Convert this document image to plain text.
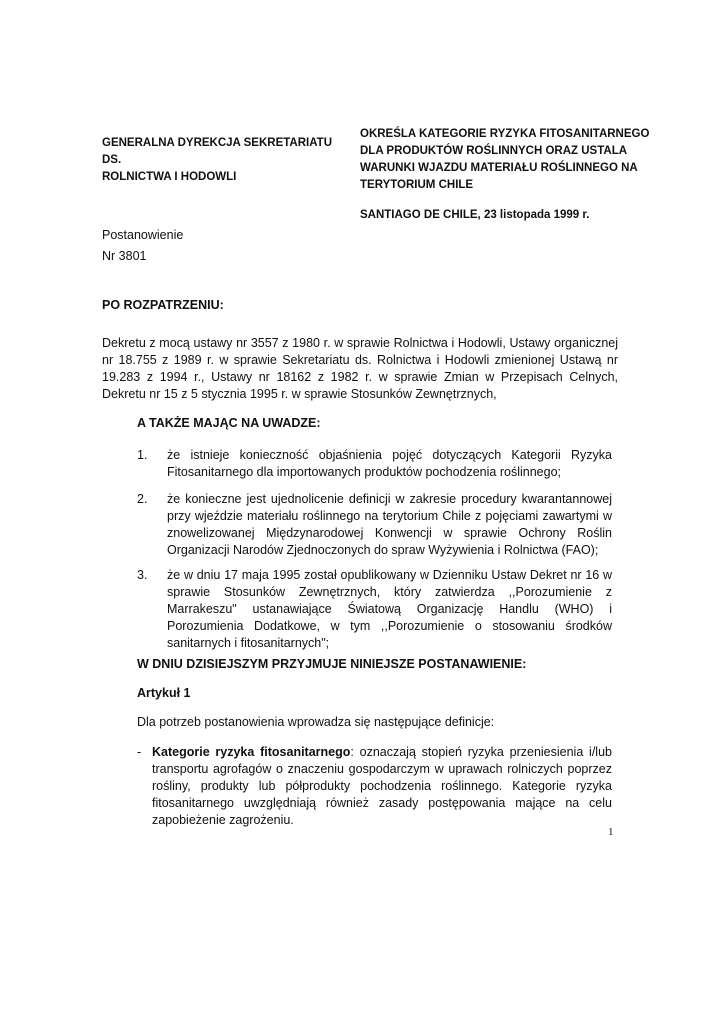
GENERALNA DYREKCJA SEKRETARIATU DS.
ROLNICTWA I HODOWLI
OKREŚLA KATEGORIE RYZYKA FITOSANITARNEGO
DLA PRODUKTÓW ROŚLINNYCH ORAZ USTALA
WARUNKI WJAZDU MATERIAŁU ROŚLINNEGO NA
TERYTORIUM CHILE
SANTIAGO DE CHILE, 23 listopada 1999 r.
Postanowienie
Nr 3801
PO ROZPATRZENIU:
Dekretu z mocą ustawy nr 3557 z 1980 r. w sprawie Rolnictwa i Hodowli, Ustawy organicznej nr 18.755 z 1989 r. w sprawie Sekretariatu ds. Rolnictwa i Hodowli zmienionej Ustawą nr 19.283 z 1994 r., Ustawy nr 18162 z 1982 r. w sprawie Zmian w Przepisach Celnych, Dekretu nr 15 z 5 stycznia 1995 r. w sprawie Stosunków Zewnętrznych,
A TAKŻE MAJĄC NA UWADZE:
1. że istnieje konieczność objaśnienia pojęć dotyczących Kategorii Ryzyka Fitosanitarnego dla importowanych produktów pochodzenia roślinnego;
2. że konieczne jest ujednolicenie definicji w zakresie procedury kwarantannowej przy wjeździe materiału roślinnego na terytorium Chile z pojęciami zawartymi w znowelizowanej Międzynarodowej Konwencji w sprawie Ochrony Roślin Organizacji Narodów Zjednoczonych do spraw Wyżywienia i Rolnictwa (FAO);
3. że w dniu 17 maja 1995 został opublikowany w Dzienniku Ustaw Dekret nr 16 w sprawie Stosunków Zewnętrznych, który zatwierdza ,,Porozumienie z Marrakeszu" ustanawiające Światową Organizację Handlu (WHO) i Porozumienia Dodatkowe, w tym ,,Porozumienie o stosowaniu środków sanitarnych i fitosanitarnych";
W DNIU DZISIEJSZYM PRZYJMUJE NINIEJSZE POSTANAWIENIE:
Artykuł 1
Dla potrzeb postanowienia wprowadza się następujące definicje:
- Kategorie ryzyka fitosanitarnego: oznaczają stopień ryzyka przeniesienia i/lub transportu agrofagów o znaczeniu gospodarczym w uprawach rolniczych poprzez rośliny, produkty lub półprodukty pochodzenia roślinnego. Kategorie ryzyka fitosanitarnego uwzględniają również zasady postępowania mające na celu zapobieżenie zagrożeniu.
1
